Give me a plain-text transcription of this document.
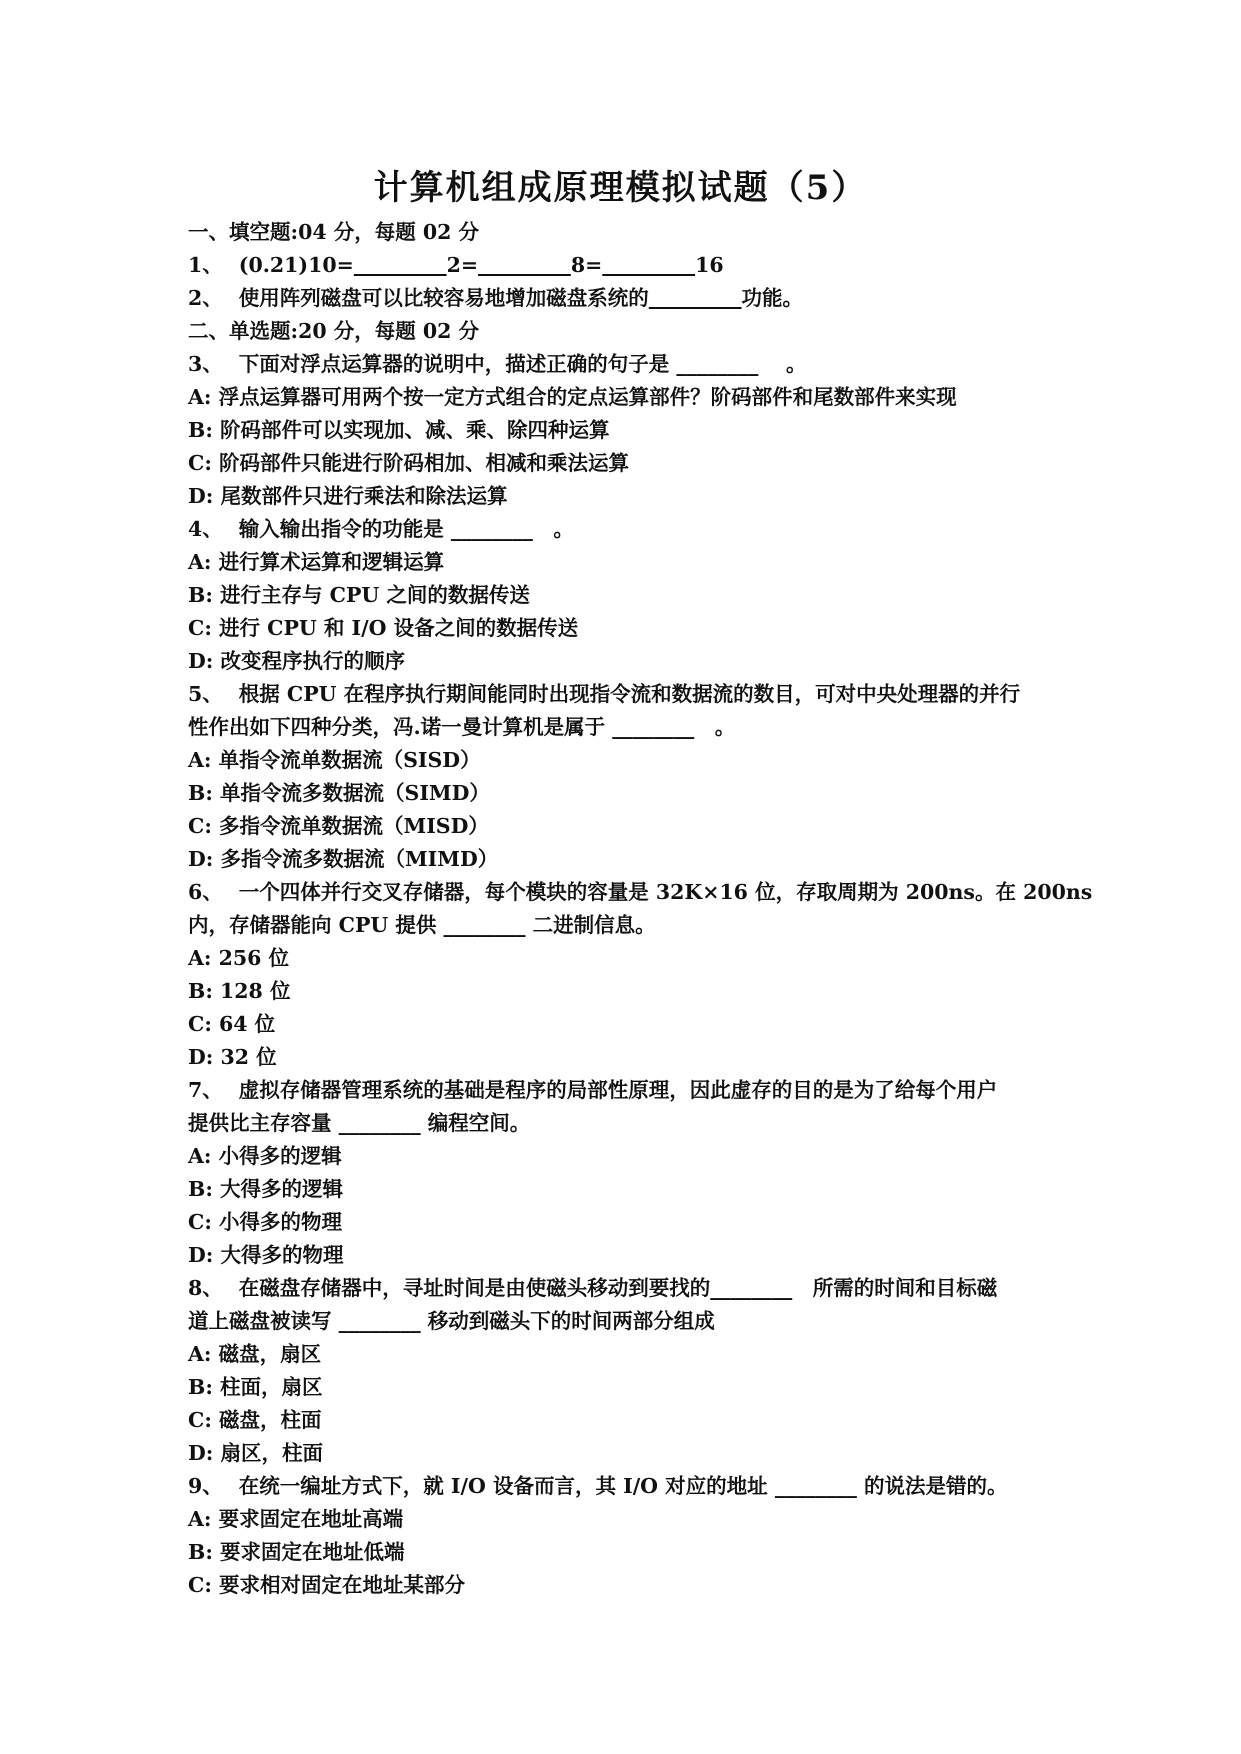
计算机组成原理模拟试题（5）
一、填空题:04 分，每题 02 分
1、 (0.21)10=	2=	8=	16
2、 使用阵列磁盘可以比较容易地增加磁盘系统的	功能。
二、单选题:20 分，每题 02 分
3、 下面对浮点运算器的说明中，描述正确的句子是 ________　 。
A: 浮点运算器可用两个按一定方式组合的定点运算部件？阶码部件和尾数部件来实现
B: 阶码部件可以实现加、减、乘、除四种运算
C: 阶码部件只能进行阶码相加、相减和乘法运算
D: 尾数部件只进行乘法和除法运算
4、 输入输出指令的功能是 ________　。
A: 进行算术运算和逻辑运算
B: 进行主存与 CPU 之间的数据传送
C: 进行 CPU 和 I/O 设备之间的数据传送
D: 改变程序执行的顺序
5、 根据 CPU 在程序执行期间能同时出现指令流和数据流的数目，可对中央处理器的并行
性作出如下四种分类，冯.诺一曼计算机是属于 ________　。
A: 单指令流单数据流（SISD）
B: 单指令流多数据流（SIMD）
C: 多指令流单数据流（MISD）
D: 多指令流多数据流（MIMD）
6、 一个四体并行交叉存储器，每个模块的容量是 32K×16 位，存取周期为 200ns。在 200ns
内，存储器能向 CPU 提供 ________ 二进制信息。
A: 256 位
B: 128 位
C: 64 位
D: 32 位
7、 虚拟存储器管理系统的基础是程序的局部性原理，因此虚存的目的是为了给每个用户
提供比主存容量 ________ 编程空间。
A: 小得多的逻辑
B: 大得多的逻辑
C: 小得多的物理
D: 大得多的物理
8、 在磁盘存储器中，寻址时间是由使磁头移动到要找的________　所需的时间和目标磁
道上磁盘被读写 ________ 移动到磁头下的时间两部分组成
A: 磁盘，扇区
B: 柱面，扇区
C: 磁盘，柱面
D: 扇区，柱面
9、 在统一编址方式下，就 I/O 设备而言，其 I/O 对应的地址 ________ 的说法是错的。
A: 要求固定在地址高端
B: 要求固定在地址低端
C: 要求相对固定在地址某部分
